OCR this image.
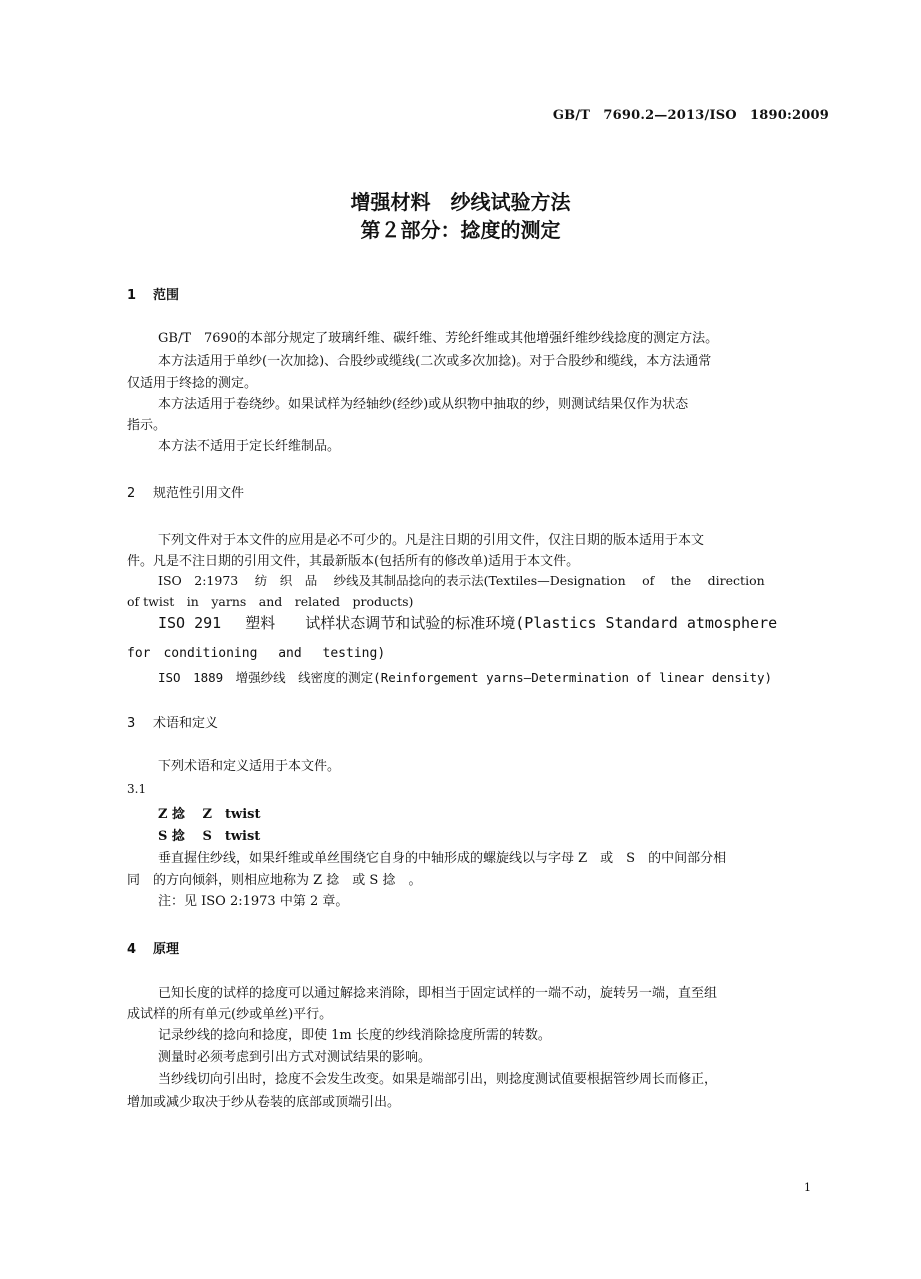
GB/T　7690.2—2013/ISO　1890:2009
增强材料　纱线试验方法
第２部分：捻度的测定
1 范围
GB/T　7690的本部分规定了玻璃纤维、碳纤维、芳纶纤维或其他增强纤维纱线捻度的测定方法。
本方法适用于单纱(一次加捻)、合股纱或缆线(二次或多次加捻)。对于合股纱和缆线，本方法通常
仅适用于终捻的测定。
本方法适用于卷绕纱。如果试样为经轴纱(经纱)或从织物中抽取的纱，则测试结果仅作为状态
指示。
本方法不适用于定长纤维制品。
2 规范性引用文件
下列文件对于本文件的应用是必不可少的。凡是注日期的引用文件，仅注日期的版本适用于本文
件。凡是不注日期的引用文件，其最新版本(包括所有的修改单)适用于本文件。
ISO　2:1973　 纺　织　品　 纱线及其制品捻向的表示法(Textiles—Designation　 of　 the　 direction
of twist　in　yarns　and　related　products)
ISO 291　 塑料　　试样状态调节和试验的标准环境(Plastics Standard atmosphere
for　conditioning　 and　 testing)
ISO　1889　增强纱线　线密度的测定(Reinforgement yarns—Determination of linear density)
3 术语和定义
下列术语和定义适用于本文件。
3.1
Z 捻　 Z　twist
S 捻　 S　twist
垂直握住纱线，如果纤维或单丝围绕它自身的中轴形成的螺旋线以与字母 Z　或　S　的中间部分相
同　的方向倾斜，则相应地称为 Z 捻　或 S 捻　。
注：见 ISO 2:1973 中第 2 章。
4 原理
已知长度的试样的捻度可以通过解捻来消除，即相当于固定试样的一端不动，旋转另一端，直至组
成试样的所有单元(纱或单丝)平行。
记录纱线的捻向和捻度，即使 1m 长度的纱线消除捻度所需的转数。
测量时必须考虑到引出方式对测试结果的影响。
当纱线切向引出时，捻度不会发生改变。如果是端部引出，则捻度测试值要根据管纱周长而修正，
增加或减少取决于纱从卷装的底部或顶端引出。
1
